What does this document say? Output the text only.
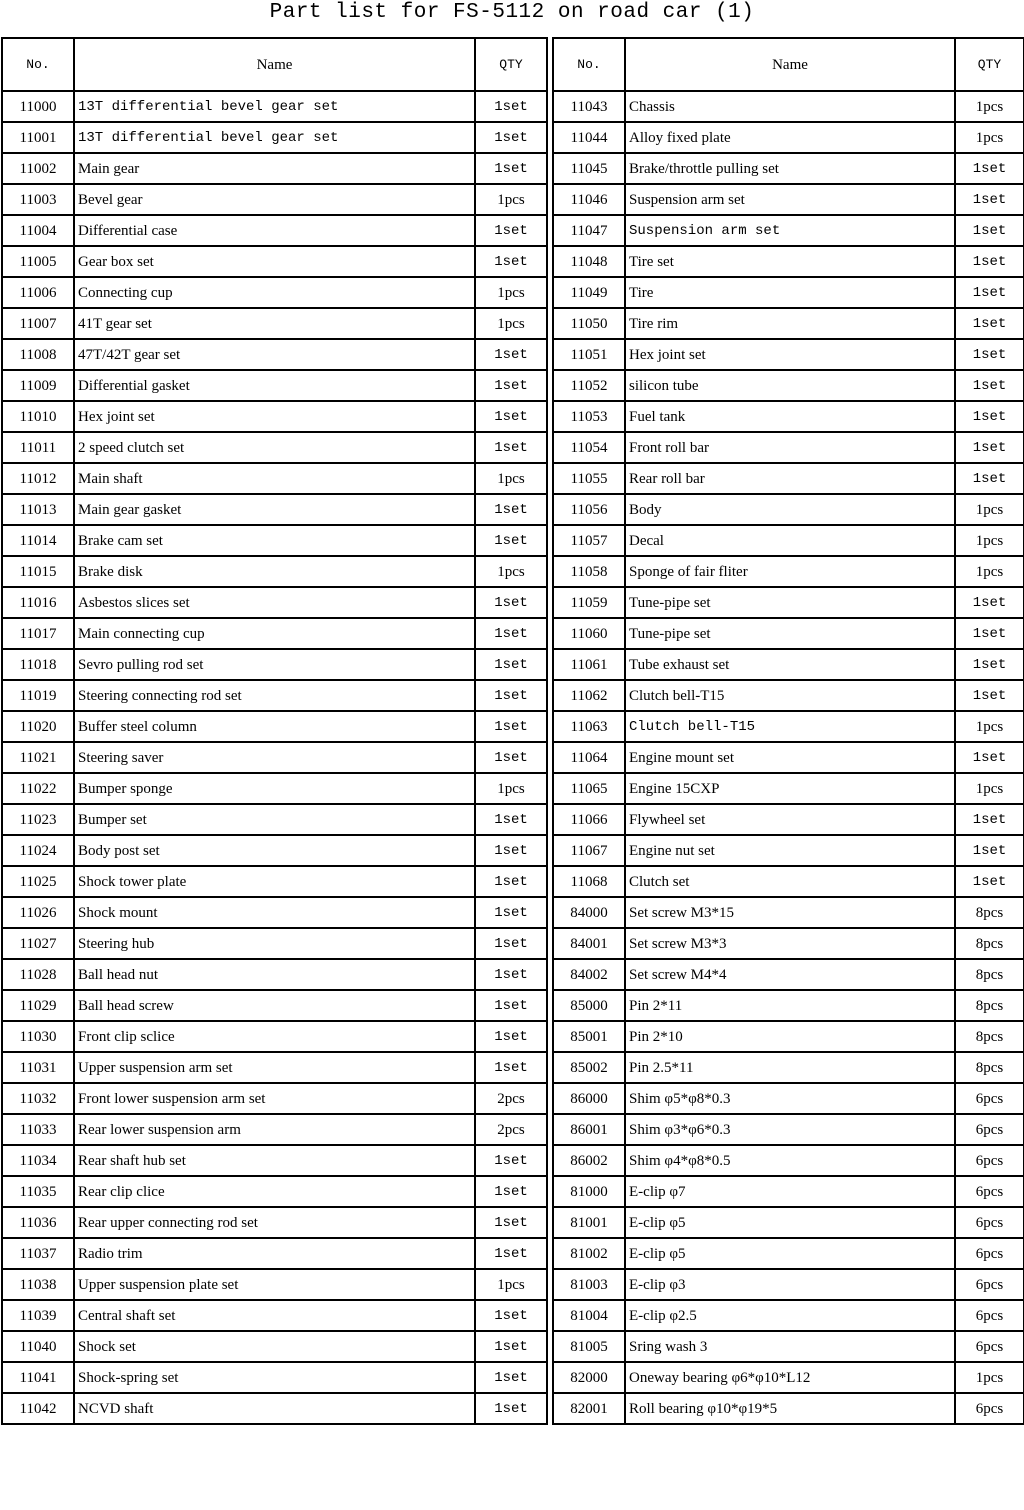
Part list for FS-5112 on road car (1)
No.	Name	QTY
11000	13T differential bevel gear set	1set
11001	13T differential bevel gear set	1set
11002	Main gear	1set
11003	Bevel gear	1pcs
11004	Differential case	1set
11005	Gear box set	1set
11006	Connecting cup	1pcs
11007	41T gear set	1pcs
11008	47T/42T gear set	1set
11009	Differential gasket	1set
11010	Hex joint set	1set
11011	2 speed clutch set	1set
11012	Main shaft	1pcs
11013	Main gear gasket	1set
11014	Brake cam set	1set
11015	Brake disk	1pcs
11016	Asbestos slices set	1set
11017	Main connecting cup	1set
11018	Sevro pulling rod set	1set
11019	Steering connecting rod set	1set
11020	Buffer steel column	1set
11021	Steering saver	1set
11022	Bumper sponge	1pcs
11023	Bumper set	1set
11024	Body post set	1set
11025	Shock tower plate	1set
11026	Shock mount	1set
11027	Steering hub	1set
11028	Ball head nut	1set
11029	Ball head screw	1set
11030	Front clip sclice	1set
11031	Upper suspension arm set	1set
11032	Front lower suspension arm set	2pcs
11033	Rear lower suspension arm	2pcs
11034	Rear shaft hub set	1set
11035	Rear clip clice	1set
11036	Rear upper connecting rod set	1set
11037	Radio trim	1set
11038	Upper suspension plate set	1pcs
11039	Central shaft set	1set
11040	Shock set	1set
11041	Shock-spring set	1set
11042	NCVD shaft	1set
No.	Name	QTY
11043	Chassis	1pcs
11044	Alloy fixed plate	1pcs
11045	Brake/throttle pulling set	1set
11046	Suspension arm set	1set
11047	Suspension arm set	1set
11048	Tire set	1set
11049	Tire	1set
11050	Tire rim	1set
11051	Hex joint set	1set
11052	silicon tube	1set
11053	Fuel tank	1set
11054	Front roll bar	1set
11055	Rear roll bar	1set
11056	Body	1pcs
11057	Decal	1pcs
11058	Sponge of fair fliter	1pcs
11059	Tune-pipe set	1set
11060	Tune-pipe set	1set
11061	Tube exhaust set	1set
11062	Clutch bell-T15	1set
11063	Clutch bell-T15	1pcs
11064	Engine mount set	1set
11065	Engine 15CXP	1pcs
11066	Flywheel set	1set
11067	Engine nut set	1set
11068	Clutch set	1set
84000	Set screw M3*15	8pcs
84001	Set screw M3*3	8pcs
84002	Set screw M4*4	8pcs
85000	Pin 2*11	8pcs
85001	Pin 2*10	8pcs
85002	Pin 2.5*11	8pcs
86000	Shim φ5*φ8*0.3	6pcs
86001	Shim φ3*φ6*0.3	6pcs
86002	Shim φ4*φ8*0.5	6pcs
81000	E-clip φ7	6pcs
81001	E-clip φ5	6pcs
81002	E-clip φ5	6pcs
81003	E-clip φ3	6pcs
81004	E-clip φ2.5	6pcs
81005	Sring wash 3	6pcs
82000	Oneway bearing φ6*φ10*L12	1pcs
82001	Roll bearing φ10*φ19*5	6pcs
